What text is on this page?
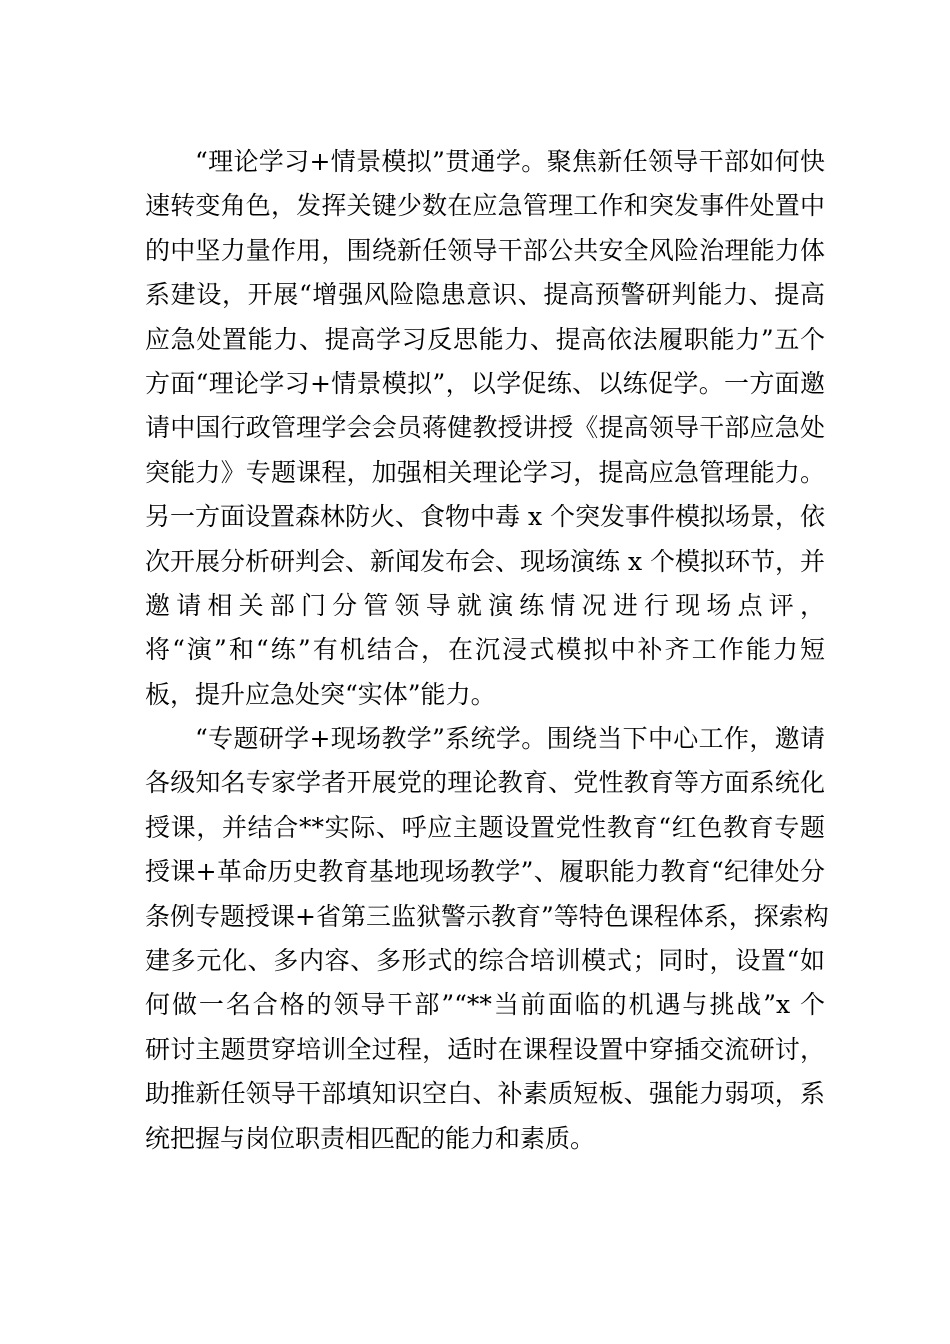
“理论学习+情景模拟”贯通学。聚焦新任领导干部如何快
速转变角色，发挥关键少数在应急管理工作和突发事件处置中
的中坚力量作用，围绕新任领导干部公共安全风险治理能力体
系建设，开展“增强风险隐患意识、提高预警研判能力、提高
应急处置能力、提高学习反思能力、提高依法履职能力”五个
方面“理论学习+情景模拟”，以学促练、以练促学。一方面邀
请中国行政管理学会会员蒋健教授讲授《提高领导干部应急处
突能力》专题课程，加强相关理论学习，提高应急管理能力。
另一方面设置森林防火、食物中毒 x 个突发事件模拟场景，依
次开展分析研判会、新闻发布会、现场演练 x 个模拟环节，并
邀请相关部门分管领导就演练情况进行现场点评，
将“演”和“练”有机结合，在沉浸式模拟中补齐工作能力短
板，提升应急处突“实体”能力。
“专题研学+现场教学”系统学。围绕当下中心工作，邀请
各级知名专家学者开展党的理论教育、党性教育等方面系统化
授课，并结合**实际、呼应主题设置党性教育“红色教育专题
授课+革命历史教育基地现场教学”、履职能力教育“纪律处分
条例专题授课+省第三监狱警示教育”等特色课程体系，探索构
建多元化、多内容、多形式的综合培训模式；同时，设置“如
何做一名合格的领导干部”“**当前面临的机遇与挑战”x 个
研讨主题贯穿培训全过程，适时在课程设置中穿插交流研讨，
助推新任领导干部填知识空白、补素质短板、强能力弱项，系
统把握与岗位职责相匹配的能力和素质。
